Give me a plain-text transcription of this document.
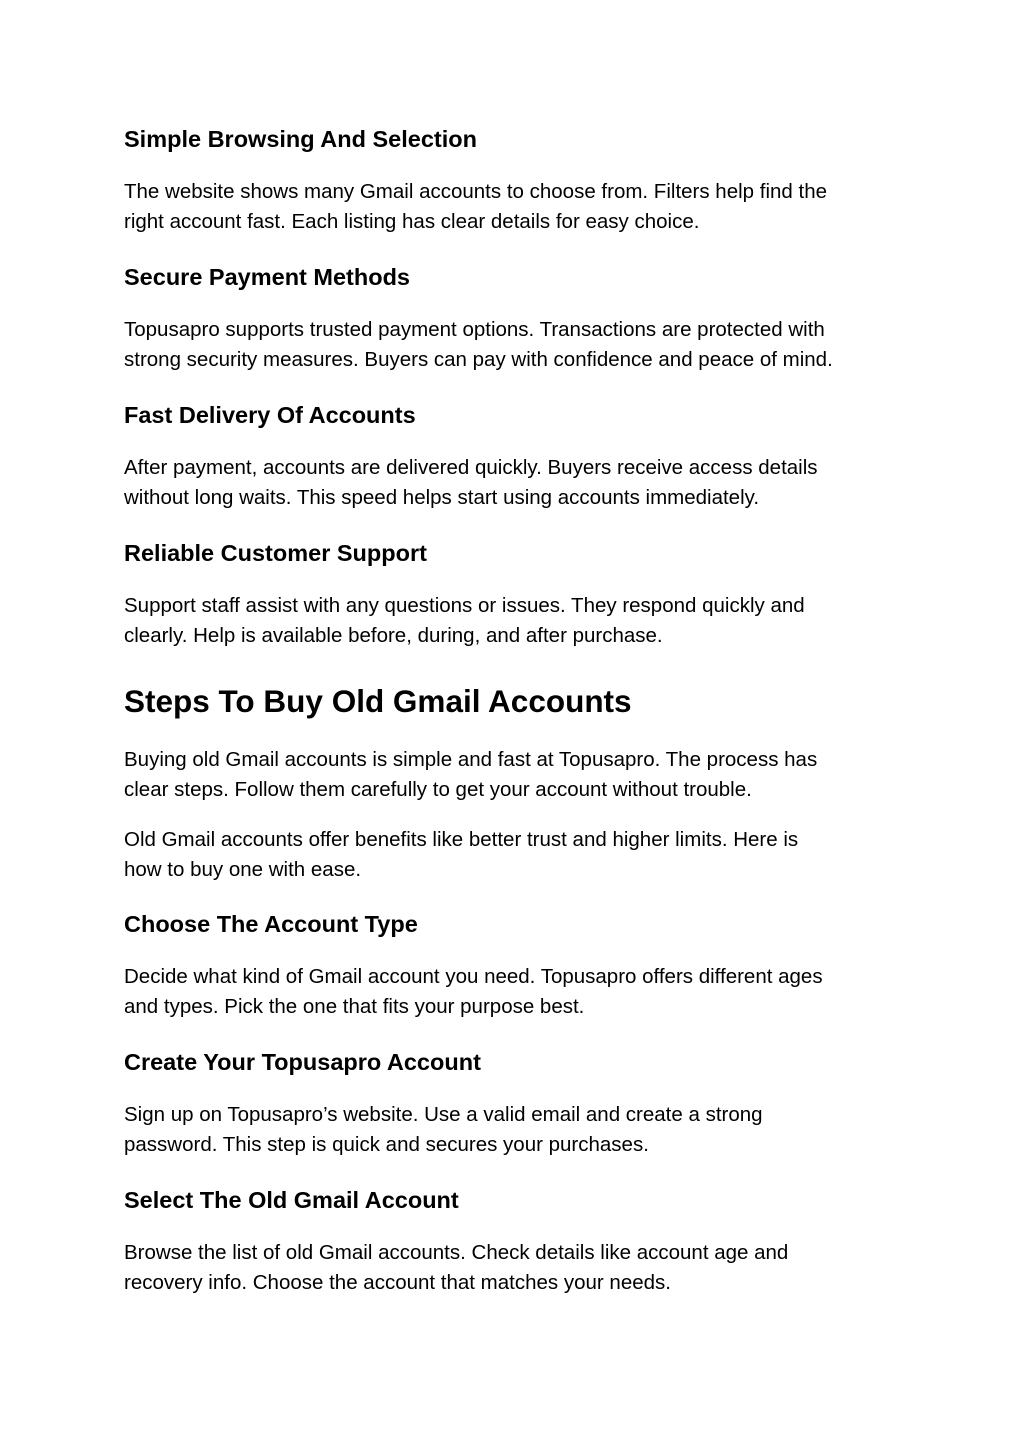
Simple Browsing And Selection

The website shows many Gmail accounts to choose from. Filters help find the
right account fast. Each listing has clear details for easy choice.

Secure Payment Methods

Topusapro supports trusted payment options. Transactions are protected with
strong security measures. Buyers can pay with confidence and peace of mind.

Fast Delivery Of Accounts

After payment, accounts are delivered quickly. Buyers receive access details
without long waits. This speed helps start using accounts immediately.

Reliable Customer Support

Support staff assist with any questions or issues. They respond quickly and
clearly. Help is available before, during, and after purchase.

Steps To Buy Old Gmail Accounts

Buying old Gmail accounts is simple and fast at Topusapro. The process has
clear steps. Follow them carefully to get your account without trouble.

Old Gmail accounts offer benefits like better trust and higher limits. Here is
how to buy one with ease.

Choose The Account Type

Decide what kind of Gmail account you need. Topusapro offers different ages
and types. Pick the one that fits your purpose best.

Create Your Topusapro Account

Sign up on Topusapro’s website. Use a valid email and create a strong
password. This step is quick and secures your purchases.

Select The Old Gmail Account

Browse the list of old Gmail accounts. Check details like account age and
recovery info. Choose the account that matches your needs.
